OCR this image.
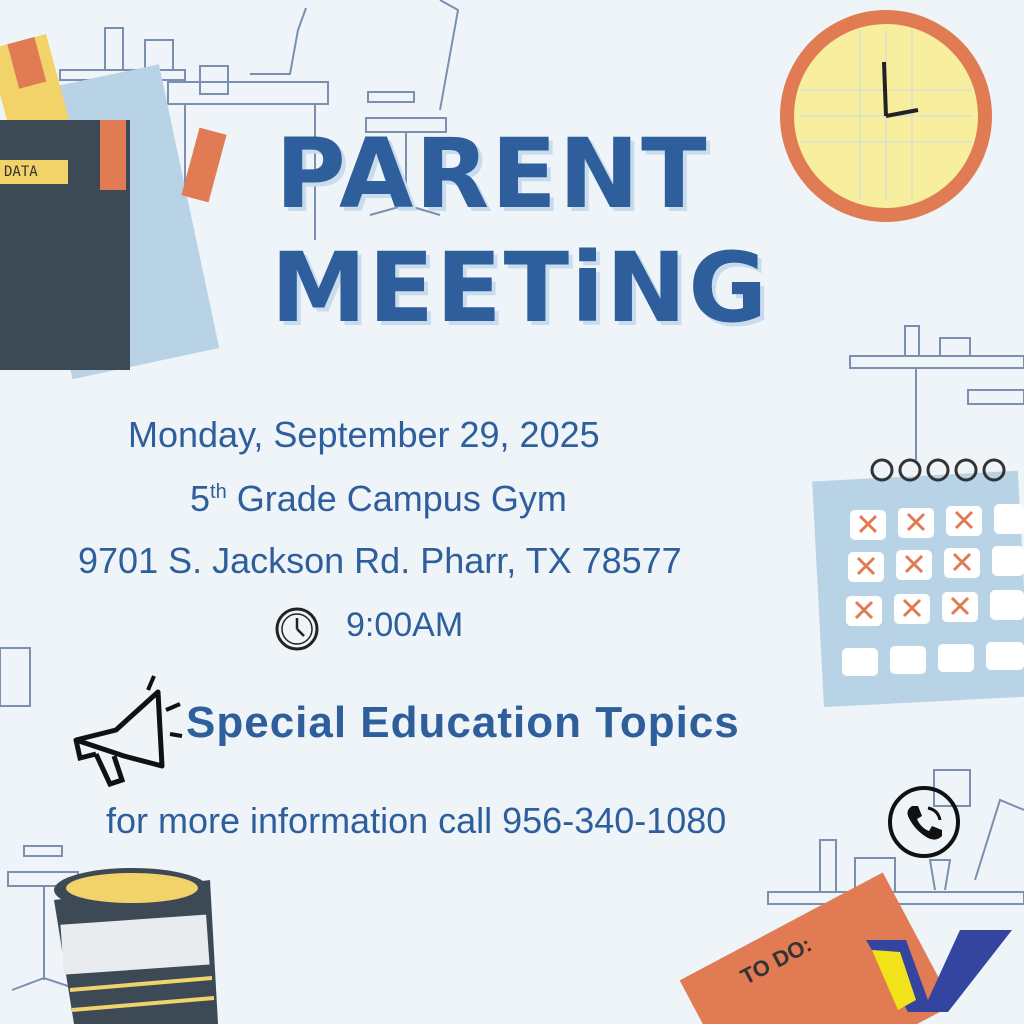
DATA
TO DO:
PARENT
MEETiNG
Monday, September 29, 2025
5th Grade Campus Gym
9701 S. Jackson Rd. Pharr, TX 78577
9:00AM
Special Education Topics
for more information call 956-340-1080
